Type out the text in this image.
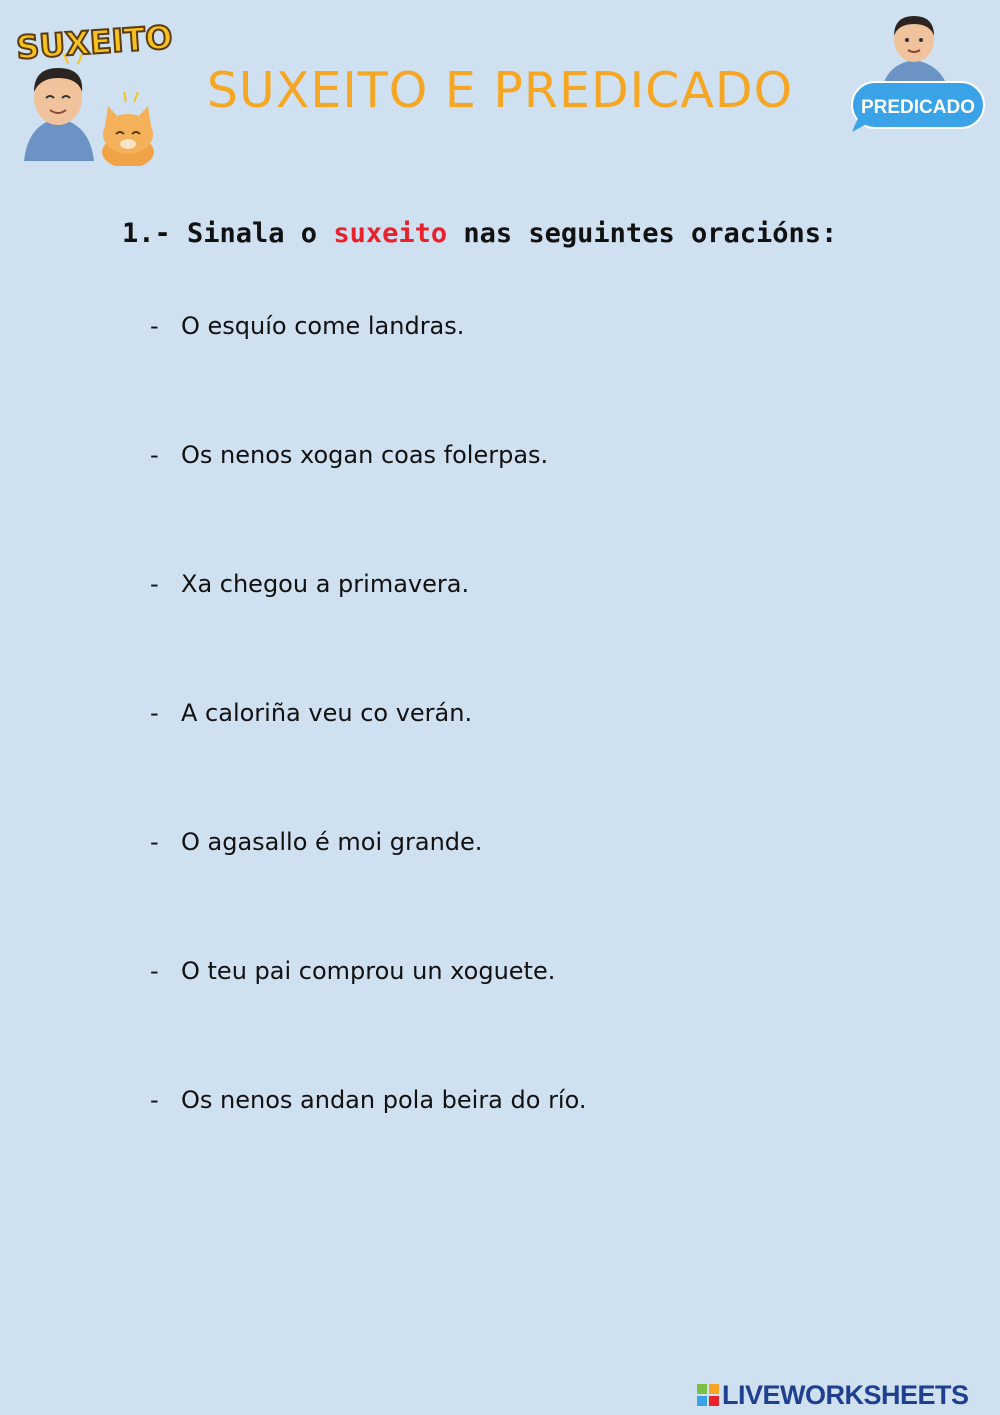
SUXEITO
SUXEITO E PREDICADO	PREDICADO
1.- Sinala o suxeito nas seguintes oracións:
- O esquío come landras.
- Os nenos xogan coas folerpas.
- Xa chegou a primavera.
- A caloriña veu co verán.
- O agasallo é moi grande.
- O teu pai comprou un xoguete.
- Os nenos andan pola beira do río.
LIVEWORKSHEETS
